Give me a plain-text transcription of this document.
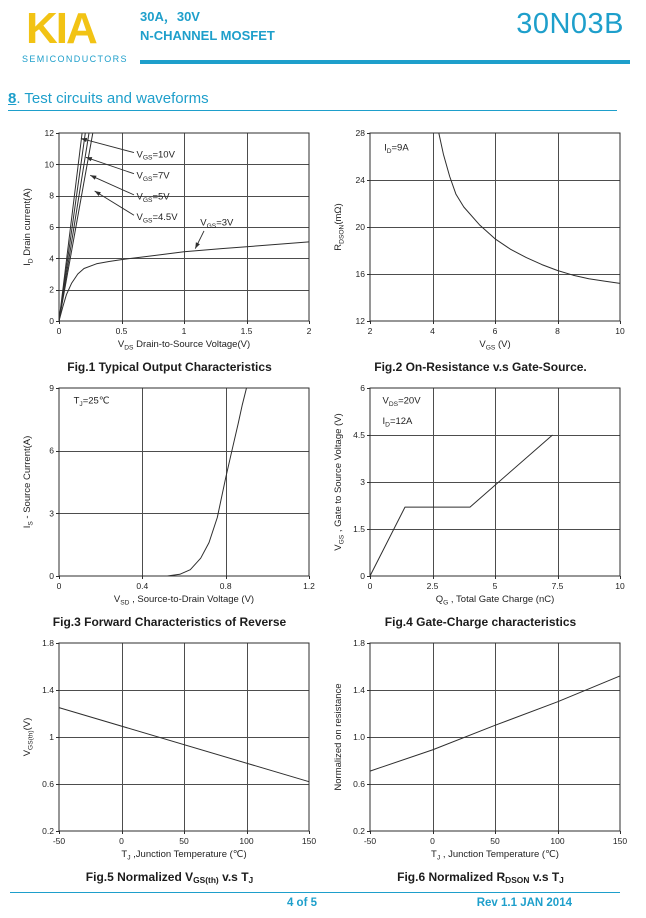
KIA
SEMICONDUCTORS
30A，30V
N-CHANNEL MOSFET	30N03B
8. Test circuits and waveforms
0	0.5	1	1.5	2
0
2
4
6
8
10
12
$V_{DS}$ Drain-to-Source Voltage(V)
$I_D$ Drain current(A)
$V_{GS}=10V$
$V_{GS}=7V$
$V_{GS}=5V$
$V_{GS}=4.5V$ $V_{GS}=3V$
Fig.1 Typical Output Characteristics
2	4	6	8	10
12
16
20
24
28
$V_{GS}$ (V)
$R_{DSON}(m\Omega)$
$I_D=9A$
Fig.2 On-Resistance v.s Gate-Source.
0	0.4	0.8	1.2
0
3
6
9
$V_{SD}$ , Source-to-Drain Voltage (V)
$I_S$ - Source Current(A)
$T_J=25℃$
Fig.3 Forward Characteristics of Reverse
0	2.5	5	7.5	10
0
1.5
3
4.5
6
$Q_G$ , Total Gate Charge (nC)
$V_{GS}$ , Gate to Source Voltage (V)
$V_{DS}=20V$
$I_D=12A$
Fig.4 Gate-Charge characteristics
-50	0	50	100	150
0.2
0.6
1
1.4
1.8
$T_J$ ,Junction Temperature (℃)
$V_{GS(th)}(V)$
Fig.5 Normalized $V_{GS(th)}$ v.s $T_J$
-50	0	50	100	150
0.2
0.6
1.0
1.4
1.8
$T_J$ , Junction Temperature (℃)
Normalized on resistance
Fig.6 Normalized $R_{DSON}$ v.s $T_J$
4 of 5	Rev 1.1 JAN 2014
